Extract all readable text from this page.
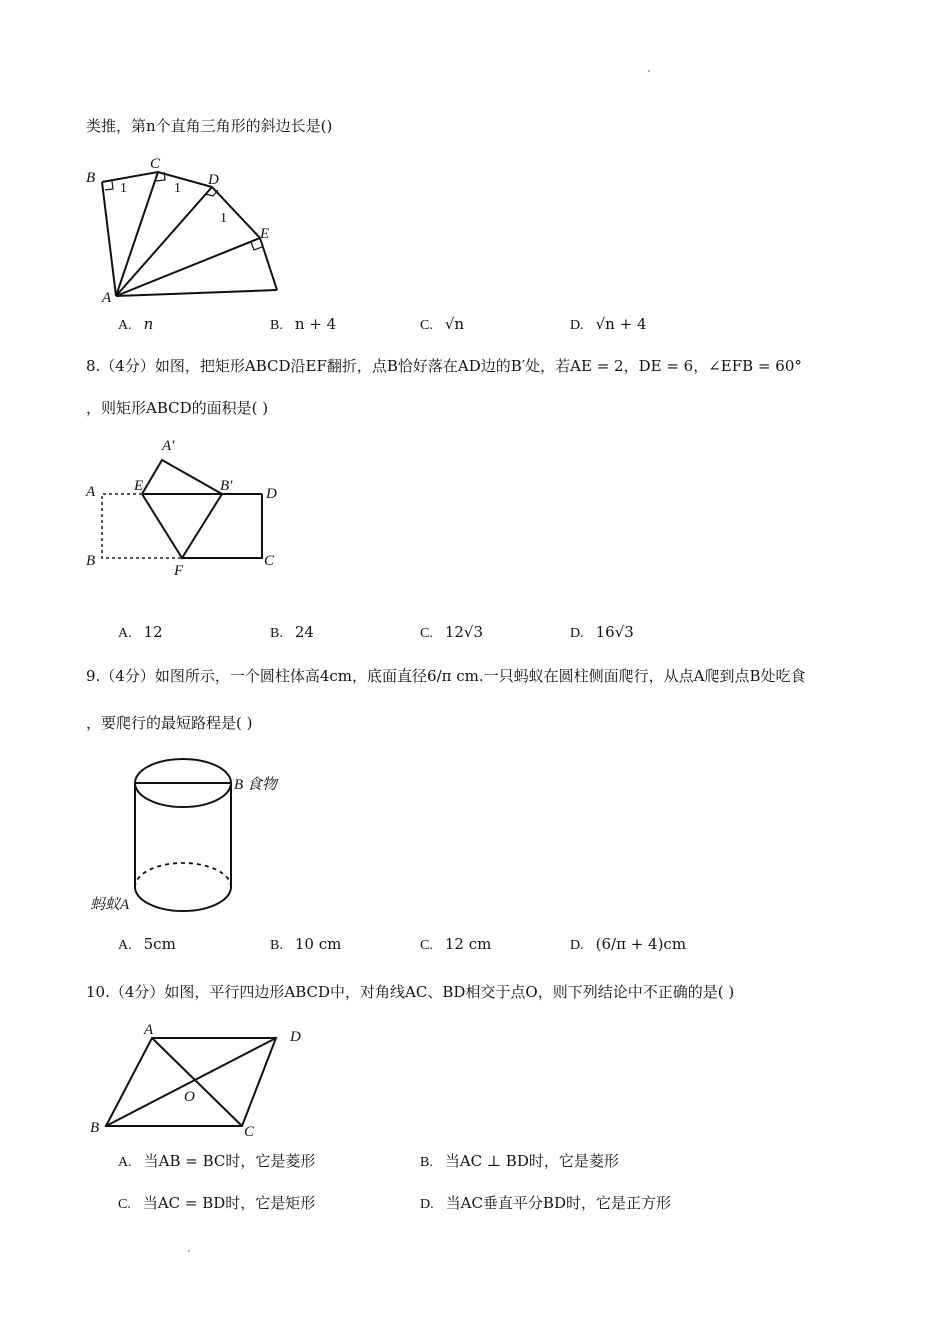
类推，第n个直角三角形的斜边长是()
B
C
D
E
A
1	1
1
A. n	B. n + 4	C. √n	D. √n + 4
8.（4分）如图，把矩形ABCD沿EF翻折，点B恰好落在AD边的B′处，若AE = 2，DE = 6，∠EFB = 60°
，则矩形ABCD的面积是( )
A′
A	E	B′ D
B
F
C
A. 12	B. 24	C. 12√3	D. 16√3
9.（4分）如图所示，一个圆柱体高4cm，底面直径6/π cm.一只蚂蚁在圆柱侧面爬行，从点A爬到点B处吃食
，要爬行的最短路程是( )
B 食物
蚂蚁A
A. 5cm	B. 10 cm	C. 12 cm	D. (6/π + 4)cm
10.（4分）如图，平行四边形ABCD中，对角线AC、BD相交于点O，则下列结论中不正确的是( )
A	D
O
B	C
A. 当AB = BC时，它是菱形	B. 当AC ⊥ BD时，它是菱形
C. 当AC = BD时，它是矩形	D. 当AC垂直平分BD时，它是正方形
